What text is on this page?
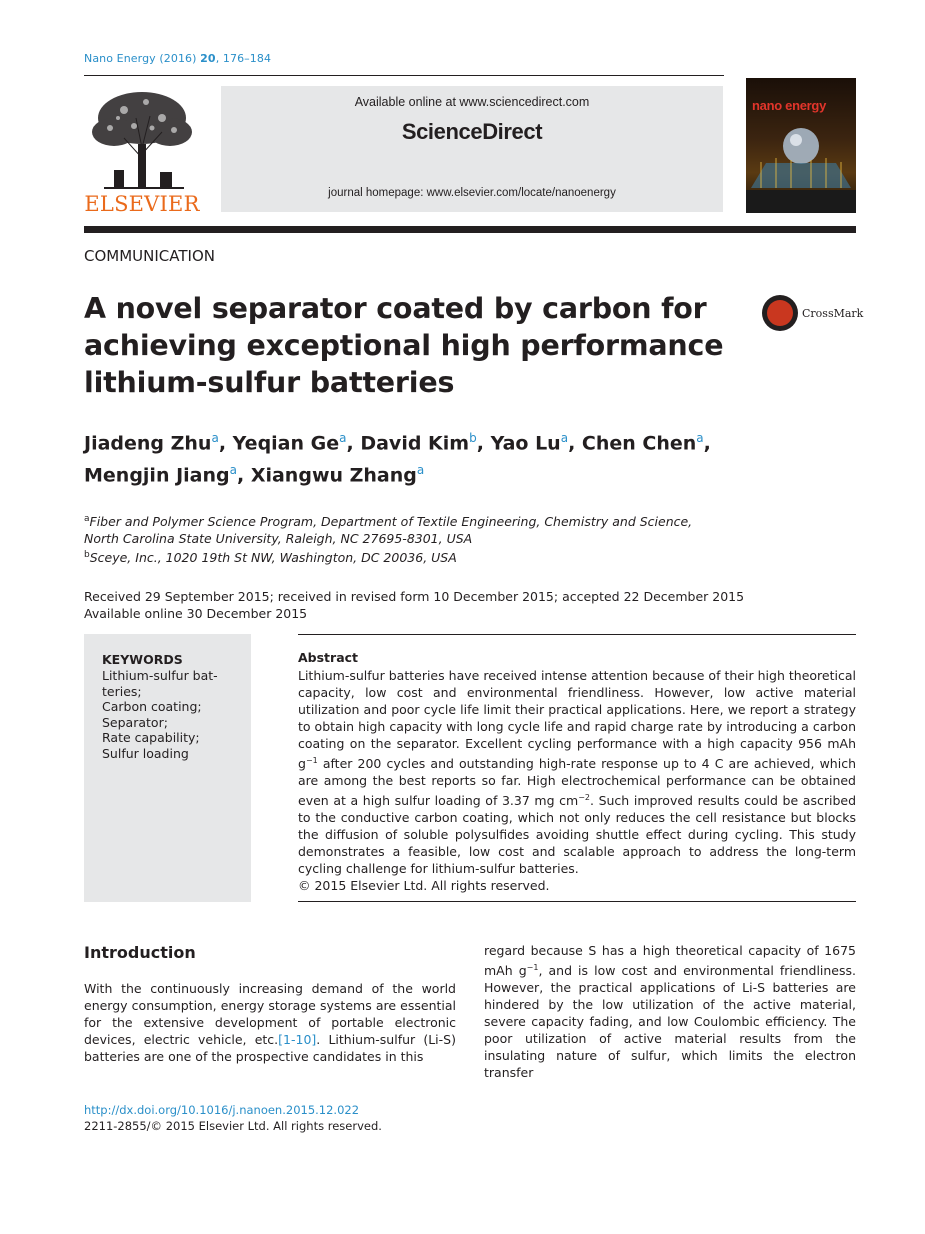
Nano Energy (2016) 20, 176–184
ELSEVIER
Available online at www.sciencedirect.com
ScienceDirect
journal homepage: www.elsevier.com/locate/nanoenergy
nano energy
COMMUNICATION
A novel separator coated by carbon for achieving exceptional high performance lithium-sulfur batteries
CrossMark
Jiadeng Zhu$^a$, Yeqian Ge$^a$, David Kim$^b$, Yao Lu$^a$, Chen Chen$^a$,
Mengjin Jiang$^a$, Xiangwu Zhang$^a$
$^a$Fiber and Polymer Science Program, Department of Textile Engineering, Chemistry and Science,
North Carolina State University, Raleigh, NC 27695-8301, USA
$^b$Sceye, Inc., 1020 19th St NW, Washington, DC 20036, USA
Received 29 September 2015; received in revised form 10 December 2015; accepted 22 December 2015
Available online 30 December 2015
KEYWORDS
Lithium-sulfur bat-
teries;
Carbon coating;
Separator;
Rate capability;
Sulfur loading
Abstract
Lithium-sulfur batteries have received intense attention because of their high theoretical capacity, low cost and environmental friendliness. However, low active material utilization and poor cycle life limit their practical applications. Here, we report a strategy to obtain high capacity with long cycle life and rapid charge rate by introducing a carbon coating on the separator. Excellent cycling performance with a high capacity 956 mAh $g^{-1}$ after 200 cycles and outstanding high-rate response up to 4 C are achieved, which are among the best reports so far. High electrochemical performance can be obtained even at a high sulfur loading of 3.37 mg $cm^{-2}$. Such improved results could be ascribed to the conductive carbon coating, which not only reduces the cell resistance but blocks the diffusion of soluble polysulfides avoiding shuttle effect during cycling. This study demonstrates a feasible, low cost and scalable approach to address the long-term cycling challenge for lithium-sulfur batteries.
© 2015 Elsevier Ltd. All rights reserved.
Introduction
With the continuously increasing demand of the world energy consumption, energy storage systems are essential for the extensive development of portable electronic devices, electric vehicle, etc.[1-10]. Lithium-sulfur (Li-S) batteries are one of the prospective candidates in this
regard because S has a high theoretical capacity of 1675 mAh $g^{-1}$, and is low cost and environmental friendliness. However, the practical applications of Li-S batteries are hindered by the low utilization of the active material, severe capacity fading, and low Coulombic efficiency. The poor utilization of active material results from the insulating nature of sulfur, which limits the electron transfer
http://dx.doi.org/10.1016/j.nanoen.2015.12.022
2211-2855/© 2015 Elsevier Ltd. All rights reserved.
